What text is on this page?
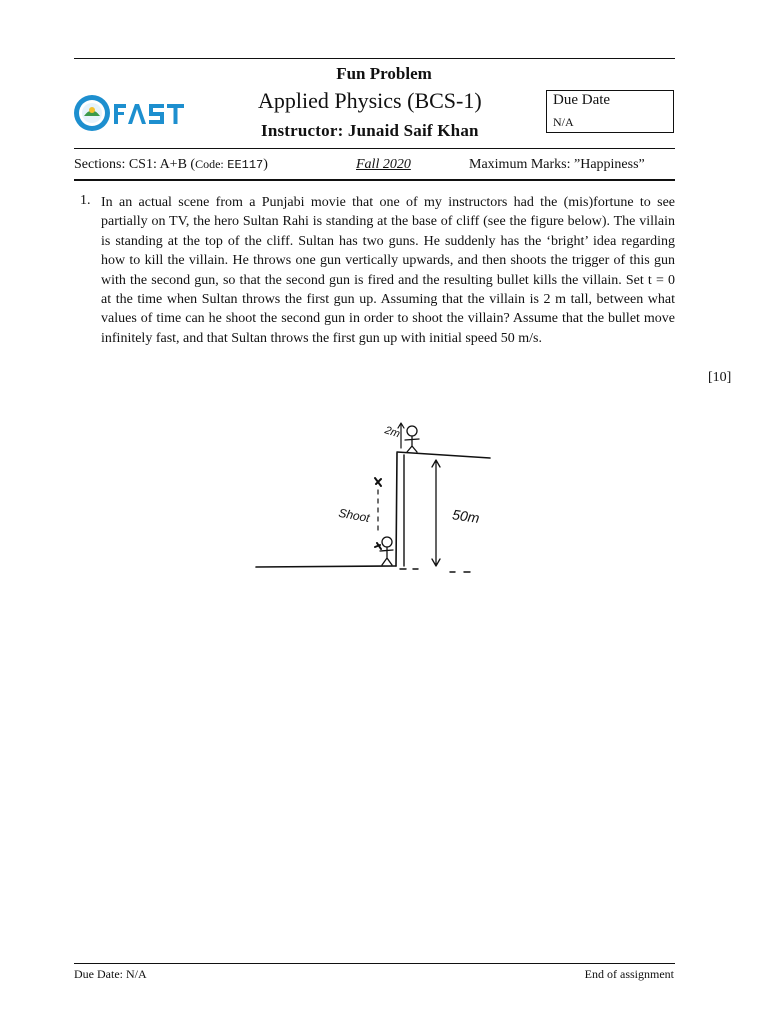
Fun Problem
Applied Physics (BCS-1)
Instructor: Junaid Saif Khan
Due Date
N/A
Sections: CS1: A+B (Code: EE117)	Fall 2020	Maximum Marks: ”Happiness”
1. In an actual scene from a Punjabi movie that one of my instructors had the (mis)fortune to see partially on TV, the hero Sultan Rahi is standing at the base of cliff (see the figure below). The villain is standing at the top of the cliff. Sultan has two guns. He suddenly has the ‘bright’ idea regarding how to kill the villain. He throws one gun vertically upwards, and then shoots the trigger of this gun with the second gun, so that the second gun is fired and the resulting bullet kills the villain. Set t = 0 at the time when Sultan throws the first gun up. Assuming that the villain is 2 m tall, between what values of time can he shoot the second gun in order to shoot the villain? Assume that the bullet move infinitely fast, and that Sultan throws the first gun up with initial speed 50 m/s.
[10]
2m
Shoot	50m
Due Date: N/A	End of assignment
